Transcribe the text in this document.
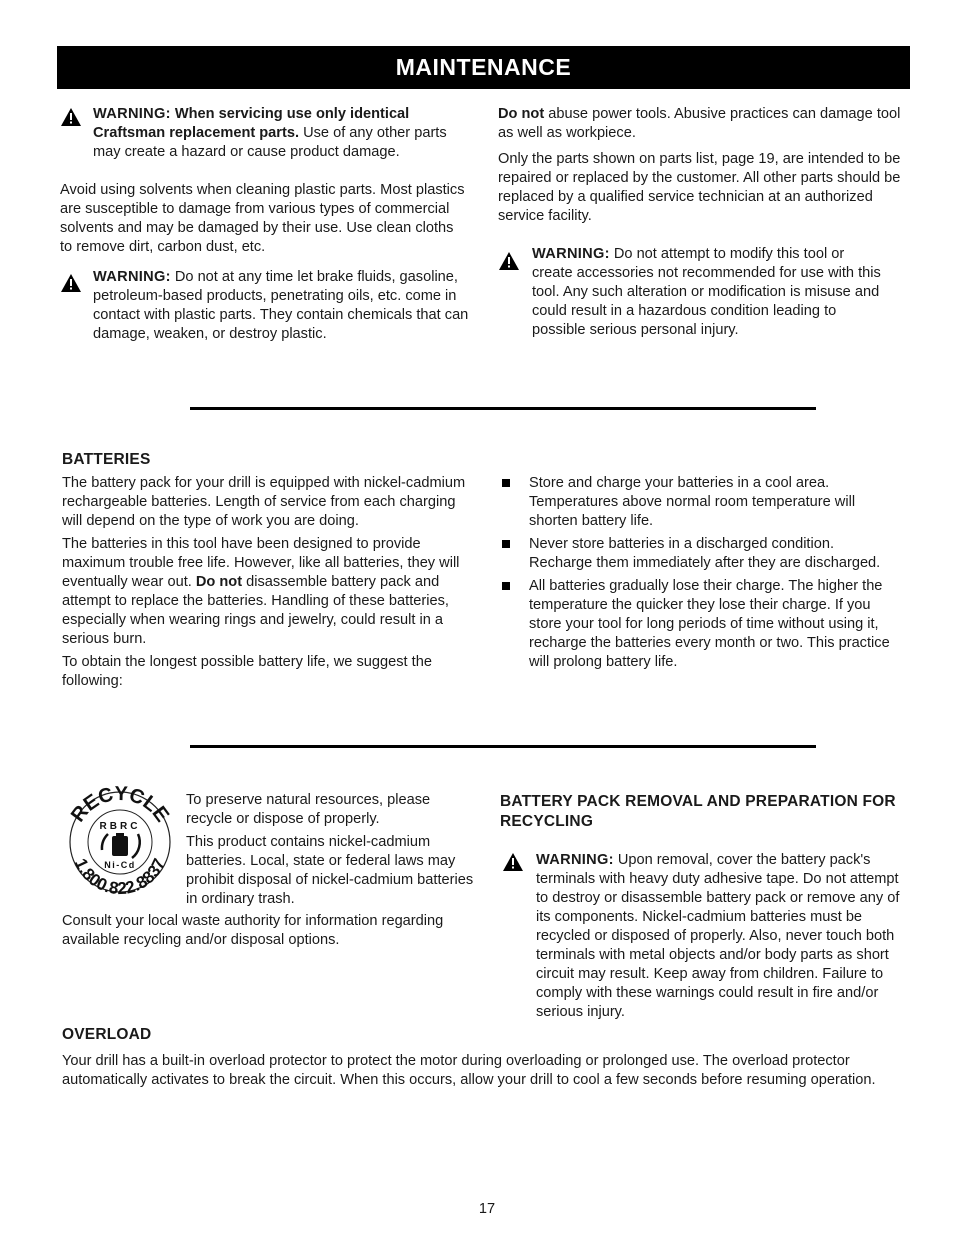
MAINTENANCE

WARNING: When servicing use only identical Craftsman replacement parts. Use of any other parts may create a hazard or cause product damage.

Avoid using solvents when cleaning plastic parts. Most plastics are susceptible to damage from various types of commercial solvents and may be damaged by their use. Use clean cloths to remove dirt, carbon dust, etc.

WARNING: Do not at any time let brake fluids, gasoline, petroleum-based products, penetrating oils, etc. come in contact with plastic parts. They contain chemicals that can damage, weaken, or destroy plastic.

Do not abuse power tools. Abusive practices can damage tool as well as workpiece.

Only the parts shown on parts list, page 19, are intended to be repaired or replaced by the customer. All other parts should be replaced by a qualified service technician at an authorized service facility.

WARNING: Do not attempt to modify this tool or create accessories not recommended for use with this tool. Any such alteration or modification is misuse and could result in a hazardous condition leading to possible serious personal injury.

BATTERIES

The battery pack for your drill is equipped with nickel-cadmium rechargeable batteries. Length of service from each charging will depend on the type of work you are doing.

The batteries in this tool have been designed to provide maximum trouble free life. However, like all batteries, they will eventually wear out. Do not disassemble battery pack and attempt to replace the batteries. Handling of these batteries, especially when wearing rings and jewelry, could result in a serious burn.

To obtain the longest possible battery life, we suggest the following:

Store and charge your batteries in a cool area. Temperatures above normal room temperature will shorten battery life.

Never store batteries in a discharged condition. Recharge them immediately after they are discharged.

All batteries gradually lose their charge. The higher the temperature the quicker they lose their charge. If you store your tool for long periods of time without using it, recharge the batteries every month or two. This practice will prolong battery life.

RECYCLE
RBRC
Ni-Cd
1.800.822.8837

To preserve natural resources, please recycle or dispose of properly.

This product contains nickel-cadmium batteries. Local, state or federal laws may prohibit disposal of nickel-cadmium batteries in ordinary trash.

Consult your local waste authority for information regarding available recycling and/or disposal options.

BATTERY PACK REMOVAL AND PREPARATION FOR RECYCLING

WARNING: Upon removal, cover the battery pack's terminals with heavy duty adhesive tape. Do not attempt to destroy or disassemble battery pack or remove any of its components. Nickel-cadmium batteries must be recycled or disposed of properly. Also, never touch both terminals with metal objects and/or body parts as short circuit may result. Keep away from children. Failure to comply with these warnings could result in fire and/or serious injury.

OVERLOAD

Your drill has a built-in overload protector to protect the motor during overloading or prolonged use. The overload protector automatically activates to break the circuit. When this occurs, allow your drill to cool a few seconds before resuming operation.

17
